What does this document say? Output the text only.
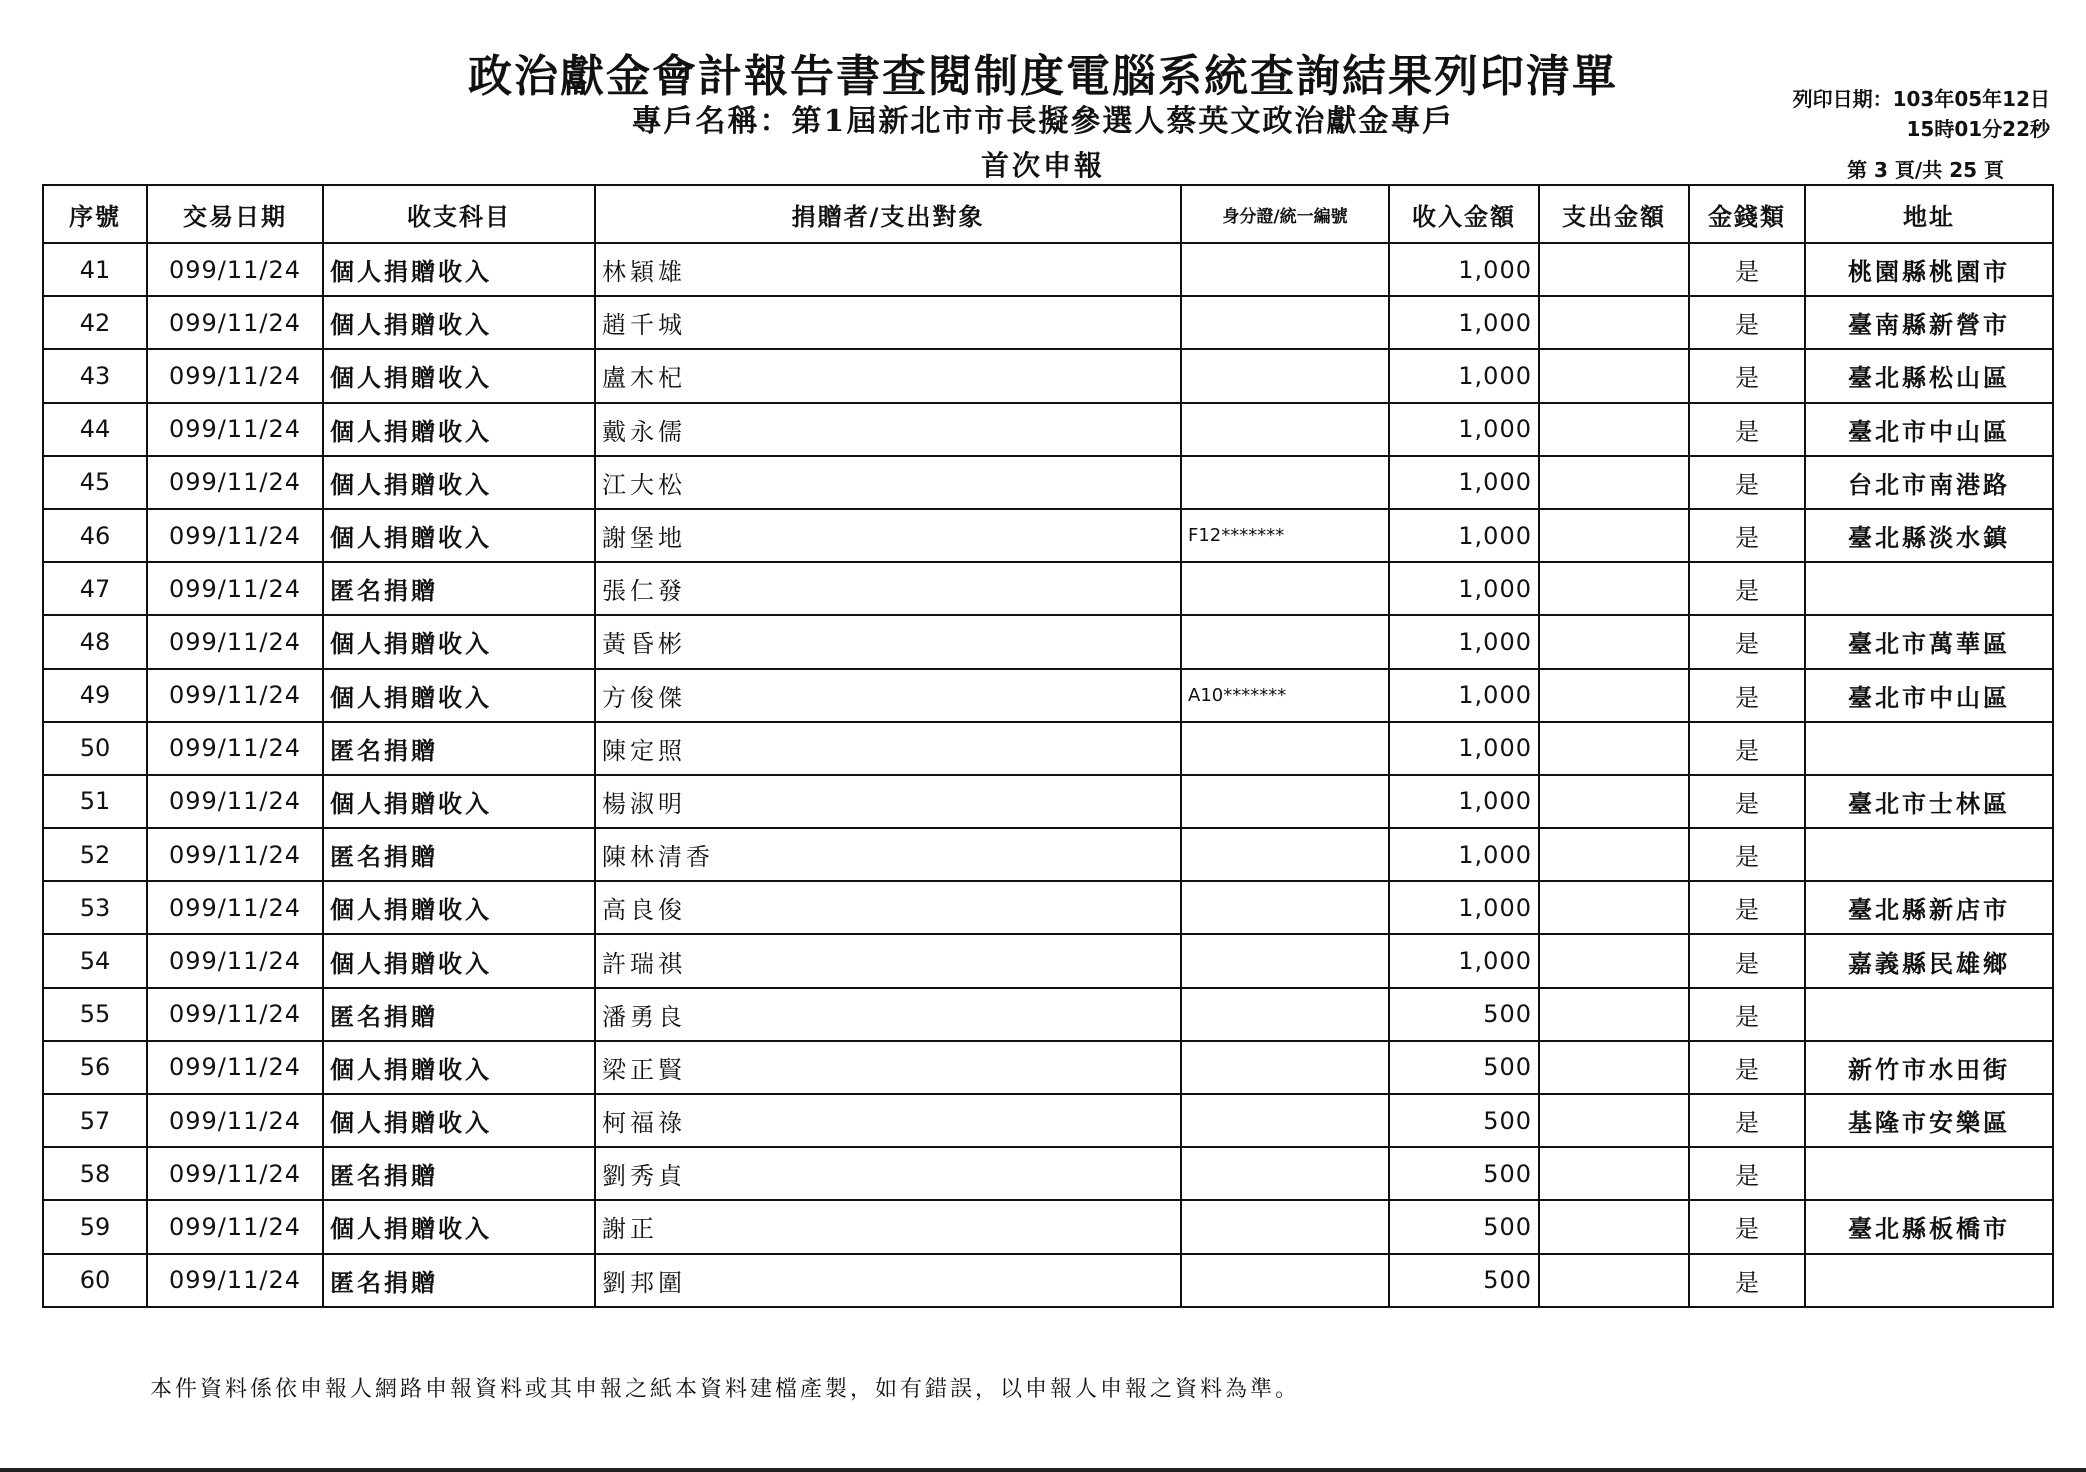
政治獻金會計報告書查閱制度電腦系統查詢結果列印清單
專戶名稱：第1屆新北市市長擬參選人蔡英文政治獻金專戶
首次申報
列印日期：103年05年12日
15時01分22秒
第 3 頁/共 25 頁
序號	交易日期	收支科目	捐贈者/支出對象	身分證/統一編號	收入金額	支出金額	金錢類	地址
41	099/11/24	個人捐贈收入	林穎雄		1,000		是	桃園縣桃園市
42	099/11/24	個人捐贈收入	趙千城		1,000		是	臺南縣新營市
43	099/11/24	個人捐贈收入	盧木杞		1,000		是	臺北縣松山區
44	099/11/24	個人捐贈收入	戴永儒		1,000		是	臺北市中山區
45	099/11/24	個人捐贈收入	江大松		1,000		是	台北市南港路
46	099/11/24	個人捐贈收入	謝堡地	F12*******	1,000		是	臺北縣淡水鎮
47	099/11/24	匿名捐贈	張仁發		1,000		是	
48	099/11/24	個人捐贈收入	黃昏彬		1,000		是	臺北市萬華區
49	099/11/24	個人捐贈收入	方俊傑	A10*******	1,000		是	臺北市中山區
50	099/11/24	匿名捐贈	陳定照		1,000		是	
51	099/11/24	個人捐贈收入	楊淑明		1,000		是	臺北市士林區
52	099/11/24	匿名捐贈	陳林清香		1,000		是	
53	099/11/24	個人捐贈收入	高良俊		1,000		是	臺北縣新店市
54	099/11/24	個人捐贈收入	許瑞祺		1,000		是	嘉義縣民雄鄉
55	099/11/24	匿名捐贈	潘勇良		500		是	
56	099/11/24	個人捐贈收入	梁正賢		500		是	新竹市水田街
57	099/11/24	個人捐贈收入	柯福祿		500		是	基隆市安樂區
58	099/11/24	匿名捐贈	劉秀貞		500		是	
59	099/11/24	個人捐贈收入	謝正		500		是	臺北縣板橋市
60	099/11/24	匿名捐贈	劉邦圍		500		是	
本件資料係依申報人網路申報資料或其申報之紙本資料建檔產製，如有錯誤，以申報人申報之資料為準。
